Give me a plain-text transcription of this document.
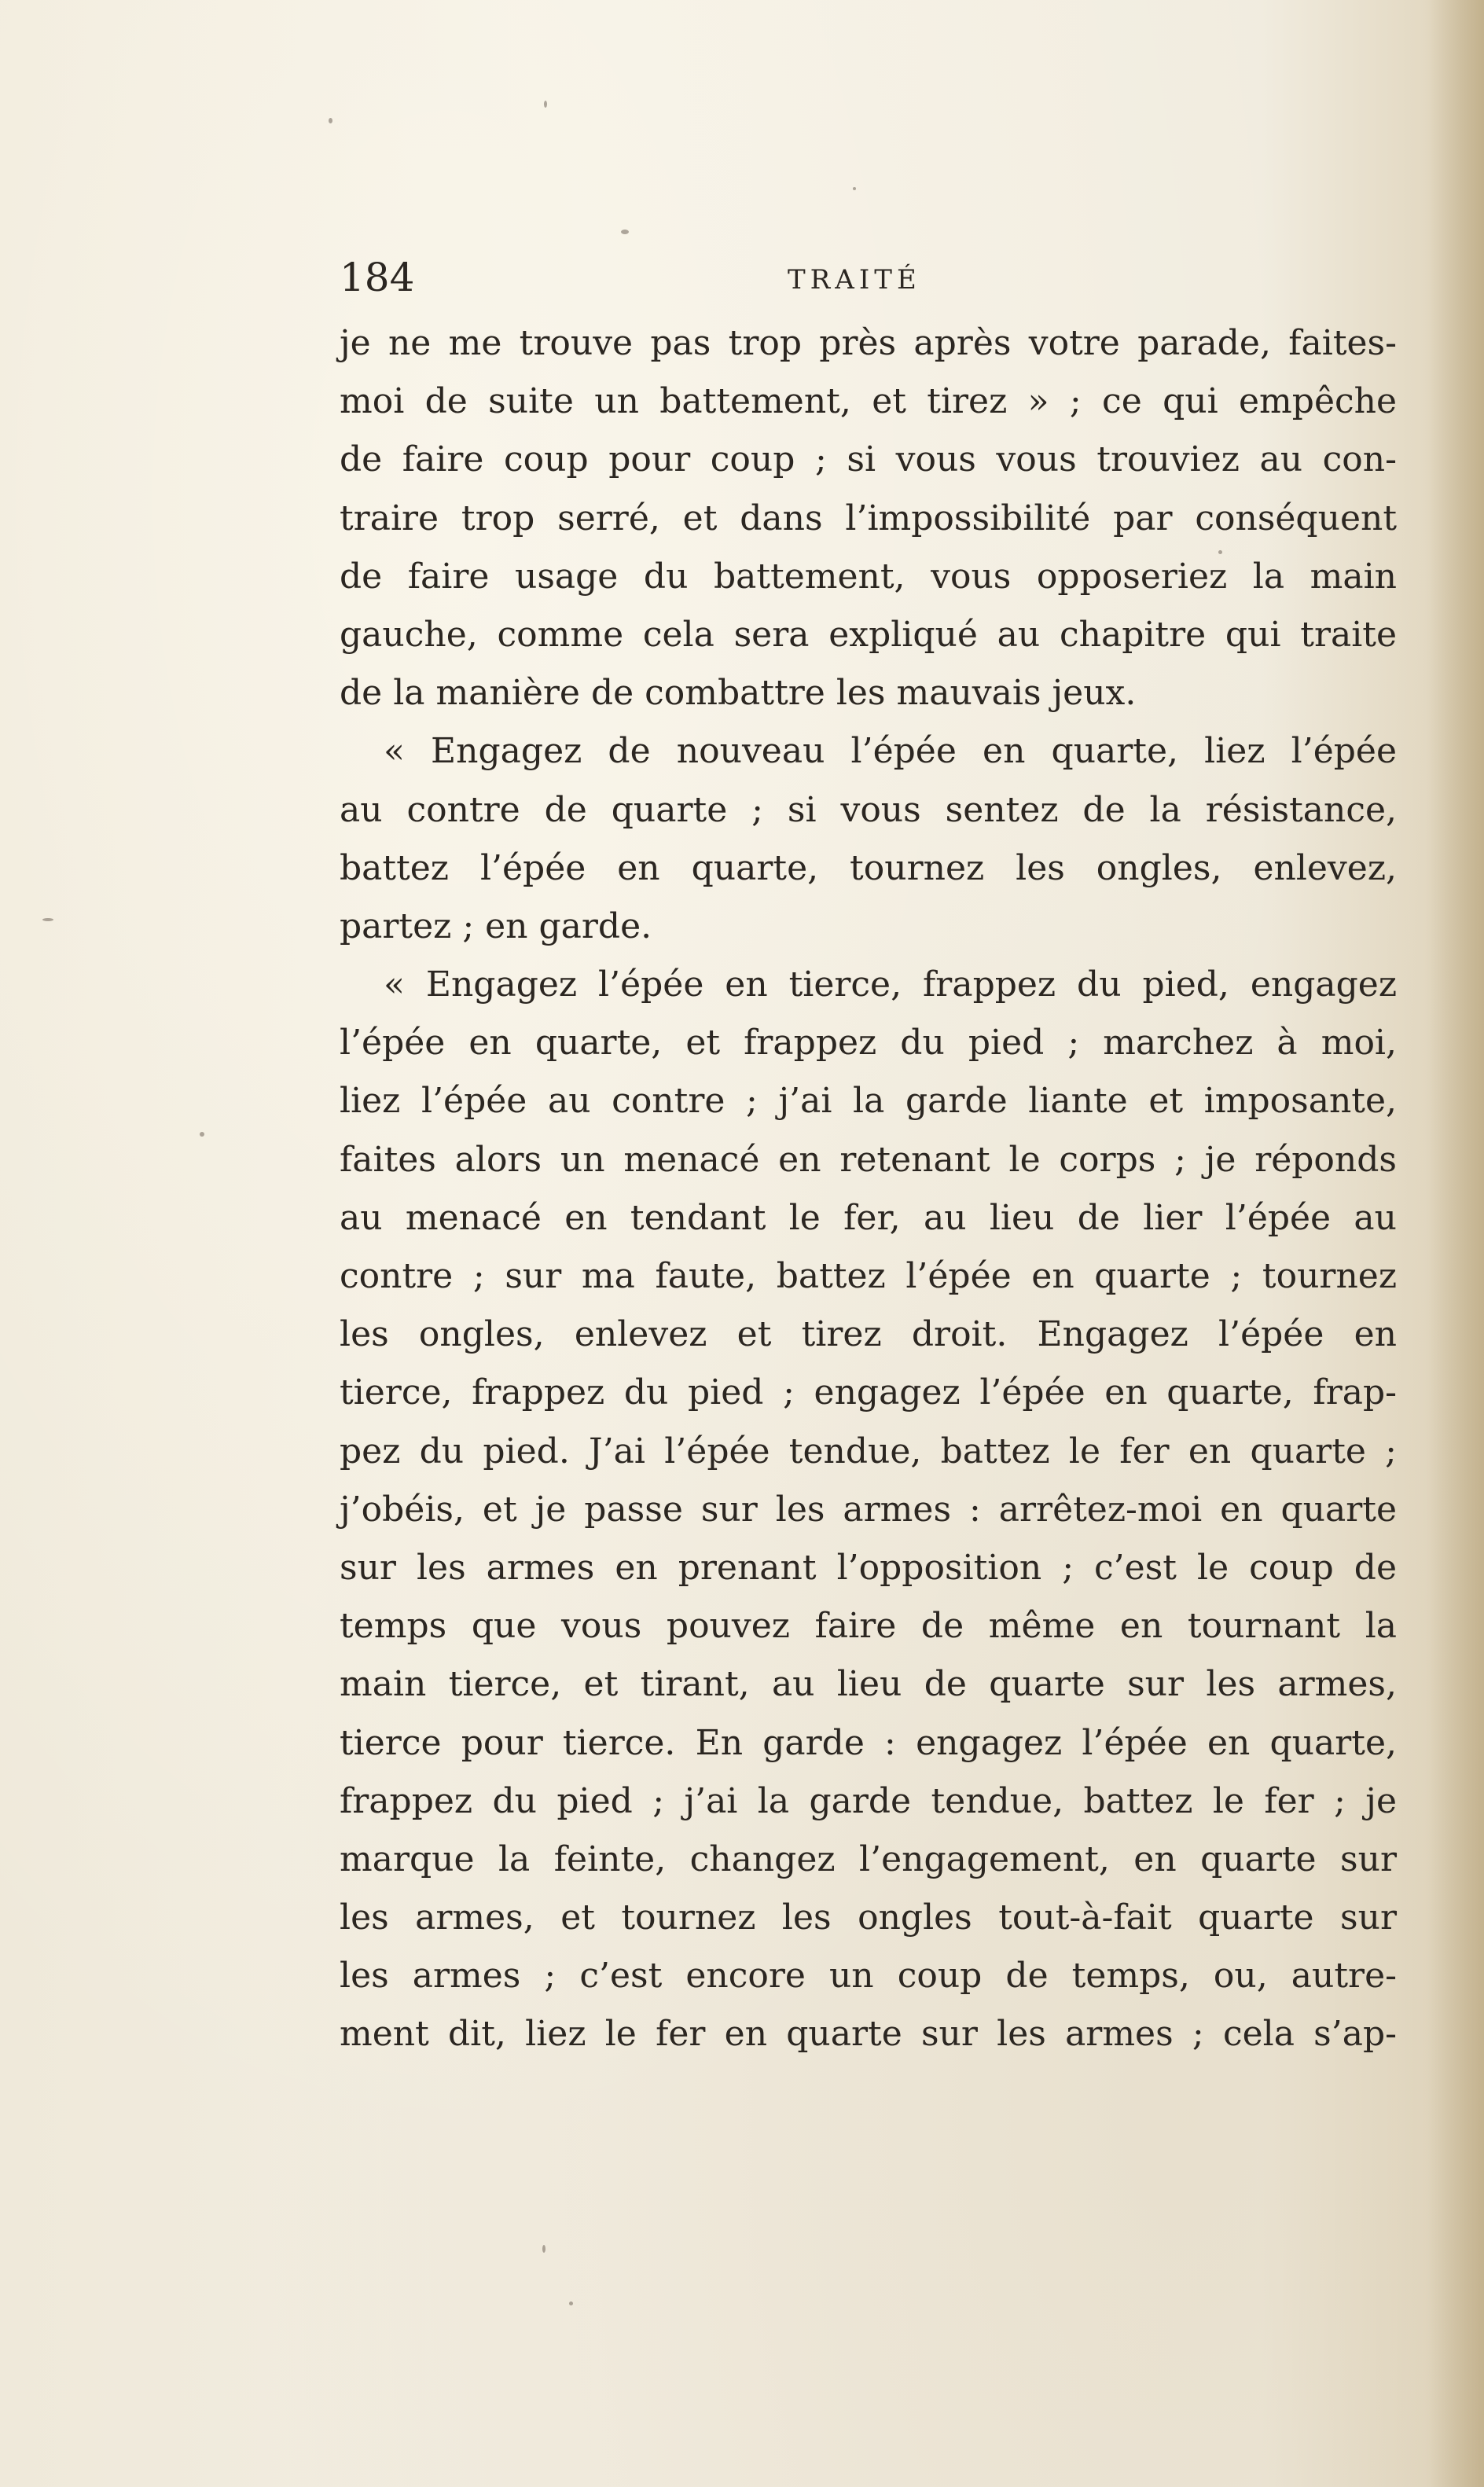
184	TRAITÉ
je ne me trouve pas trop près après votre parade, faites-
moi de suite un battement, et tirez » ; ce qui empêche
de faire coup pour coup ; si vous vous trouviez au con-
traire trop serré, et dans l’impossibilité par conséquent
de faire usage du battement, vous opposeriez la main
gauche, comme cela sera expliqué au chapitre qui traite
de la manière de combattre les mauvais jeux.
« Engagez de nouveau l’épée en quarte, liez l’épée
au contre de quarte ; si vous sentez de la résistance,
battez l’épée en quarte, tournez les ongles, enlevez,
partez ; en garde.
« Engagez l’épée en tierce, frappez du pied, engagez
l’épée en quarte, et frappez du pied ; marchez à moi,
liez l’épée au contre ; j’ai la garde liante et imposante,
faites alors un menacé en retenant le corps ; je réponds
au menacé en tendant le fer, au lieu de lier l’épée au
contre ; sur ma faute, battez l’épée en quarte ; tournez
les ongles, enlevez et tirez droit. Engagez l’épée en
tierce, frappez du pied ; engagez l’épée en quarte, frap-
pez du pied. J’ai l’épée tendue, battez le fer en quarte ;
j’obéis, et je passe sur les armes : arrêtez-moi en quarte
sur les armes en prenant l’opposition ; c’est le coup de
temps que vous pouvez faire de même en tournant la
main tierce, et tirant, au lieu de quarte sur les armes,
tierce pour tierce. En garde : engagez l’épée en quarte,
frappez du pied ; j’ai la garde tendue, battez le fer ; je
marque la feinte, changez l’engagement, en quarte sur
les armes, et tournez les ongles tout-à-fait quarte sur
les armes ; c’est encore un coup de temps, ou, autre-
ment dit, liez le fer en quarte sur les armes ; cela s’ap-
